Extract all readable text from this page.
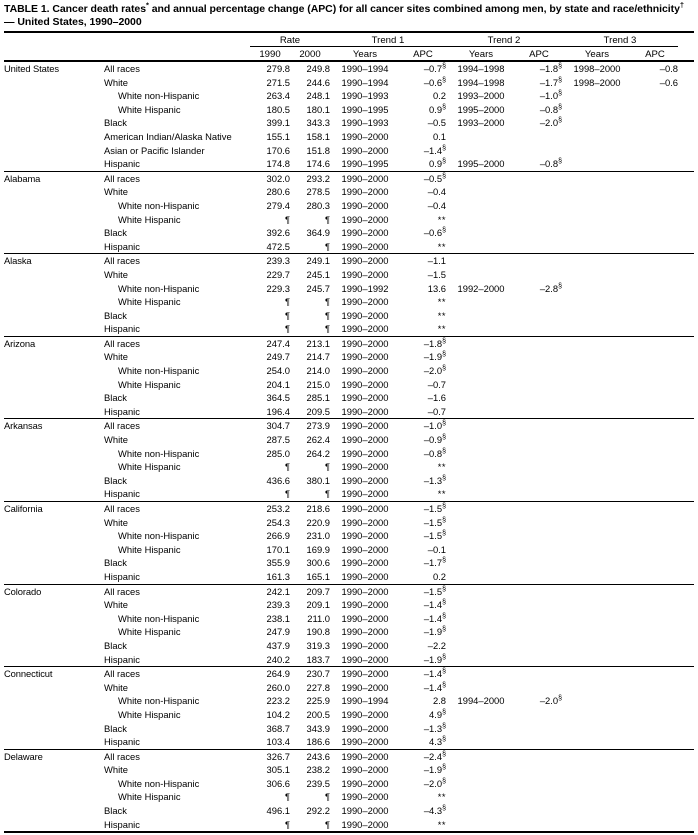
TABLE 1. Cancer death rates* and annual percentage change (APC) for all cancer sites combined among men, by state and race/ethnicity† — United States, 1990–2000

		Rate		Trend 1		Trend 2		Trend 3		
		1990	2000	Years	APC	Years	APC	Years	APC	

United States	All races	279.8	249.8	1990–1994	–0.7§	1994–1998	–1.8§	1998–2000	–0.8	
	White	271.5	244.6	1990–1994	–0.6§	1994–1998	–1.7§	1998–2000	–0.6	
	White non-Hispanic	263.4	248.1	1990–1993	0.2	1993–2000	–1.0§			
	White Hispanic	180.5	180.1	1990–1995	0.9§	1995–2000	–0.8§			
	Black	399.1	343.3	1990–1993	–0.5	1993–2000	–2.0§			
	American Indian/Alaska Native	155.1	158.1	1990–2000	0.1					
	Asian or Pacific Islander	170.6	151.8	1990–2000	–1.4§					
	Hispanic	174.8	174.6	1990–1995	0.9§	1995–2000	–0.8§			

Alabama	All races	302.0	293.2	1990–2000	–0.5§					
	White	280.6	278.5	1990–2000	–0.4					
	White non-Hispanic	279.4	280.3	1990–2000	–0.4					
	White Hispanic	¶	¶	1990–2000	**					
	Black	392.6	364.9	1990–2000	–0.6§					
	Hispanic	472.5	¶	1990–2000	**					

Alaska	All races	239.3	249.1	1990–2000	–1.1					
	White	229.7	245.1	1990–2000	–1.5					
	White non-Hispanic	229.3	245.7	1990–1992	13.6	1992–2000	–2.8§			
	White Hispanic	¶	¶	1990–2000	**					
	Black	¶	¶	1990–2000	**					
	Hispanic	¶	¶	1990–2000	**					

Arizona	All races	247.4	213.1	1990–2000	–1.8§					
	White	249.7	214.7	1990–2000	–1.9§					
	White non-Hispanic	254.0	214.0	1990–2000	–2.0§					
	White Hispanic	204.1	215.0	1990–2000	–0.7					
	Black	364.5	285.1	1990–2000	–1.6					
	Hispanic	196.4	209.5	1990–2000	–0.7					

Arkansas	All races	304.7	273.9	1990–2000	–1.0§					
	White	287.5	262.4	1990–2000	–0.9§					
	White non-Hispanic	285.0	264.2	1990–2000	–0.8§					
	White Hispanic	¶	¶	1990–2000	**					
	Black	436.6	380.1	1990–2000	–1.3§					
	Hispanic	¶	¶	1990–2000	**					

California	All races	253.2	218.6	1990–2000	–1.5§					
	White	254.3	220.9	1990–2000	–1.5§					
	White non-Hispanic	266.9	231.0	1990–2000	–1.5§					
	White Hispanic	170.1	169.9	1990–2000	–0.1					
	Black	355.9	300.6	1990–2000	–1.7§					
	Hispanic	161.3	165.1	1990–2000	0.2					

Colorado	All races	242.1	209.7	1990–2000	–1.5§					
	White	239.3	209.1	1990–2000	–1.4§					
	White non-Hispanic	238.1	211.0	1990–2000	–1.4§					
	White Hispanic	247.9	190.8	1990–2000	–1.9§					
	Black	437.9	319.3	1990–2000	–2.2					
	Hispanic	240.2	183.7	1990–2000	–1.9§					

Connecticut	All races	264.9	230.7	1990–2000	–1.4§					
	White	260.0	227.8	1990–2000	–1.4§					
	White non-Hispanic	223.2	225.9	1990–1994	2.8	1994–2000	–2.0§			
	White Hispanic	104.2	200.5	1990–2000	4.9§					
	Black	368.7	343.9	1990–2000	–1.3§					
	Hispanic	103.4	186.6	1990–2000	4.3§					

Delaware	All races	326.7	243.6	1990–2000	–2.4§					
	White	305.1	238.2	1990–2000	–1.9§					
	White non-Hispanic	306.6	239.5	1990–2000	–2.0§					
	White Hispanic	¶	¶	1990–2000	**					
	Black	496.1	292.2	1990–2000	–4.3§					
	Hispanic	¶	¶	1990–2000	**					
